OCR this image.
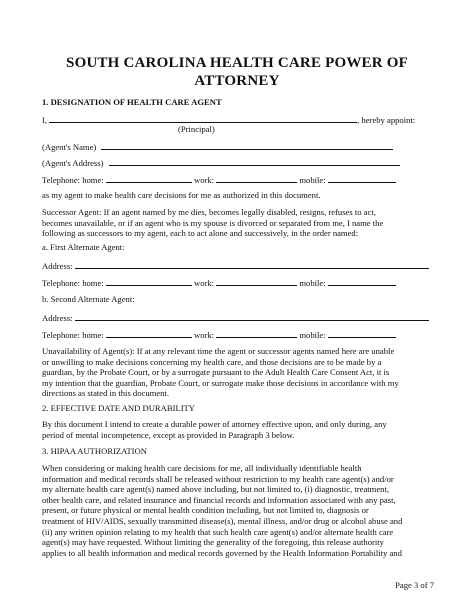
SOUTH CAROLINA HEALTH CARE POWER OF
ATTORNEY
1. DESIGNATION OF HEALTH CARE AGENT
I,	, hereby appoint:
(Principal)
(Agent's Name)
(Agent's Address)
Telephone: home:	work:	mobile:
as my agent to make health care decisions for me as authorized in this document.
Successor Agent: If an agent named by me dies, becomes legally disabled, resigns, refuses to act,
becomes unavailable, or if an agent who is my spouse is divorced or separated from me, I name the
following as successors to my agent, each to act alone and successively, in the order named:
a. First Alternate Agent:
Address:
Telephone: home:	work:	mobile:
b. Second Alternate Agent:
Address:
Telephone: home:	work:	mobile:
Unavailability of Agent(s): If at any relevant time the agent or successor agents named here are unable
or unwilling to make decisions concerning my health care, and those decisions are to be made by a
guardian, by the Probate Court, or by a surrogate pursuant to the Adult Health Care Consent Act, it is
my intention that the guardian, Probate Court, or surrogate make those decisions in accordance with my
directions as stated in this document.
2. EFFECTIVE DATE AND DURABILITY
By this document I intend to create a durable power of attorney effective upon, and only during, any
period of mental incompetence, except as provided in Paragraph 3 below.
3. HIPAA AUTHORIZATION
When considering or making health care decisions for me, all individually identifiable health
information and medical records shall be released without restriction to my health care agent(s) and/or
my alternate health care agent(s) named above including, but not limited to, (i) diagnostic, treatment,
other health care, and related insurance and financial records and information associated with any past,
present, or future physical or mental health condition including, but not limited to, diagnosis or
treatment of HIV/AIDS, sexually transmitted disease(s), mental illness, and/or drug or alcohol abuse and
(ii) any written opinion relating to my health that such health care agent(s) and/or alternate health care
agent(s) may have requested. Without limiting the generality of the foregoing, this release authority
applies to all health information and medical records governed by the Health Information Portability and
Page 3 of 7
